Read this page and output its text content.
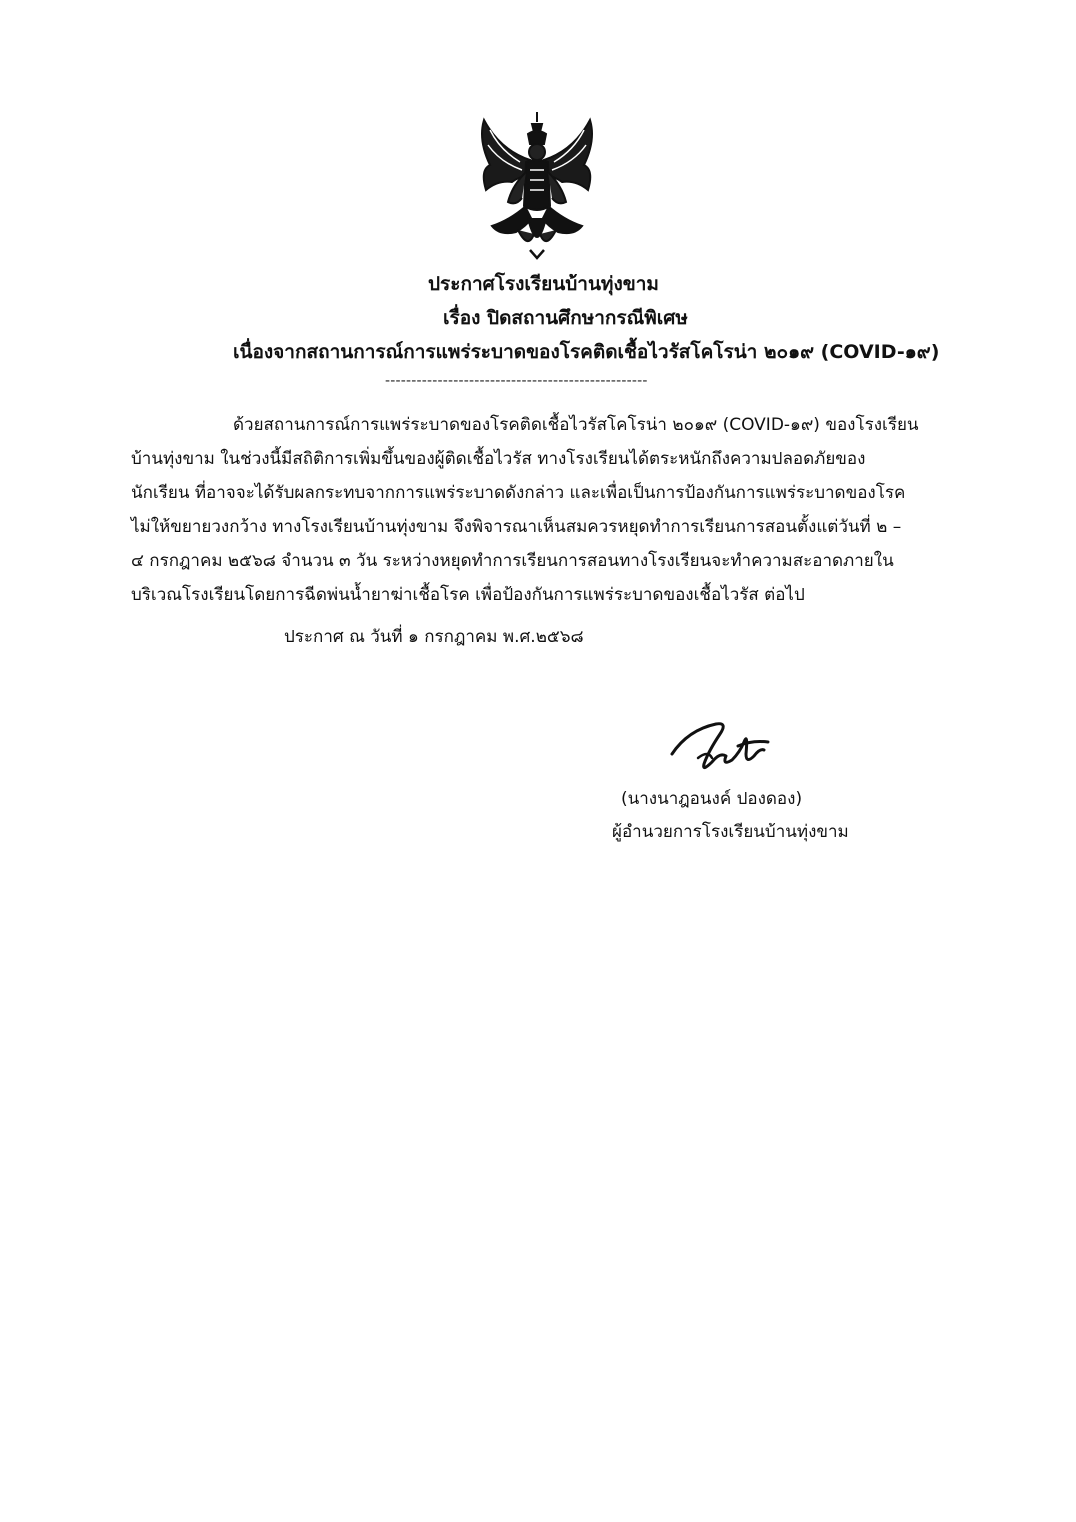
ประกาศโรงเรียนบ้านทุ่งขาม
เรื่อง ปิดสถานศึกษากรณีพิเศษ
เนื่องจากสถานการณ์การแพร่ระบาดของโรคติดเชื้อไวรัสโคโรน่า ๒๐๑๙ (COVID-๑๙)
--------------------------------------------------
ด้วยสถานการณ์การแพร่ระบาดของโรคติดเชื้อไวรัสโคโรน่า ๒๐๑๙ (COVID-๑๙) ของโรงเรียน
บ้านทุ่งขาม ในช่วงนี้มีสถิติการเพิ่มขึ้นของผู้ติดเชื้อไวรัส ทางโรงเรียนได้ตระหนักถึงความปลอดภัยของ
นักเรียน ที่อาจจะได้รับผลกระทบจากการแพร่ระบาดดังกล่าว และเพื่อเป็นการป้องกันการแพร่ระบาดของโรค
ไม่ให้ขยายวงกว้าง ทางโรงเรียนบ้านทุ่งขาม จึงพิจารณาเห็นสมควรหยุดทำการเรียนการสอนตั้งแต่วันที่ ๒ –
๔ กรกฎาคม ๒๕๖๘ จำนวน ๓ วัน ระหว่างหยุดทำการเรียนการสอนทางโรงเรียนจะทำความสะอาดภายใน
บริเวณโรงเรียนโดยการฉีดพ่นน้ำยาฆ่าเชื้อโรค เพื่อป้องกันการแพร่ระบาดของเชื้อไวรัส ต่อไป
ประกาศ ณ วันที่ ๑ กรกฎาคม พ.ศ.๒๕๖๘
(นางนาฎอนงค์ ปองดอง)
ผู้อำนวยการโรงเรียนบ้านทุ่งขาม
